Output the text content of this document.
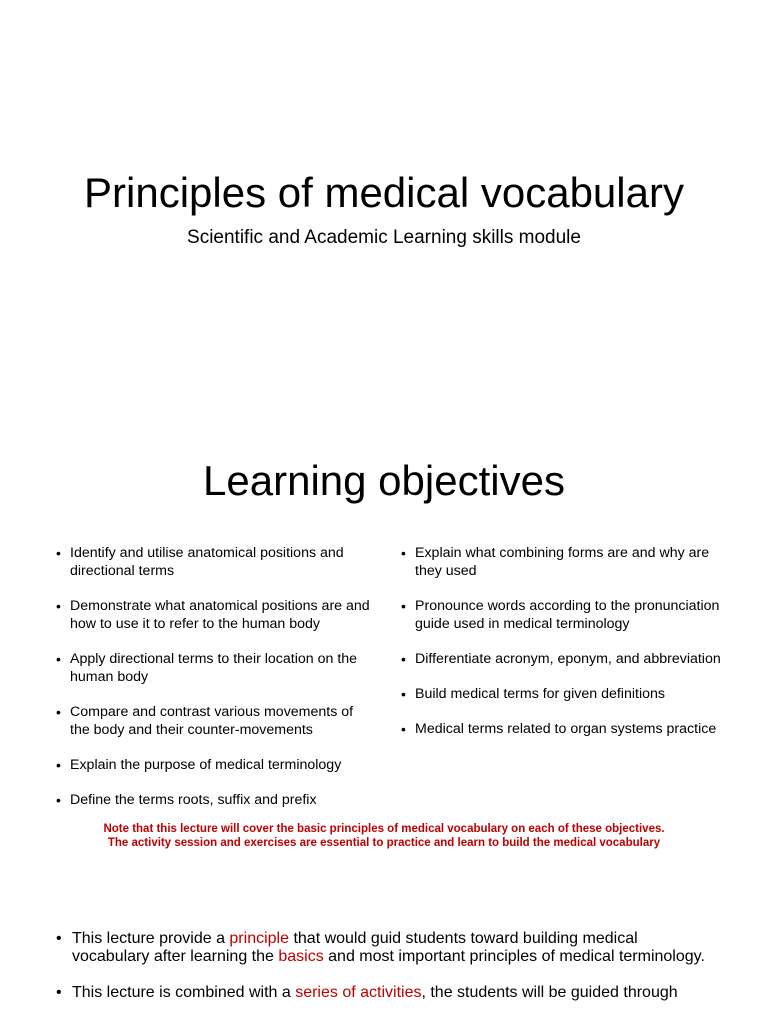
Principles of medical vocabulary
Scientific and Academic Learning skills module
Learning objectives
• Identify and utilise anatomical positions and directional terms
• Demonstrate what anatomical positions are and how to use it to refer to the human body
• Apply directional terms to their location on the human body
• Compare and contrast various movements of the body and their counter-movements
• Explain the purpose of medical terminology
• Define the terms roots, suffix and prefix
• Explain what combining forms are and why are they used
• Pronounce words according to the pronunciation guide used in medical terminology
• Differentiate acronym, eponym, and abbreviation
• Build medical terms for given definitions
• Medical terms related to organ systems practice
Note that this lecture will cover the basic principles of medical vocabulary on each of these objectives.
The activity session and exercises are essential to practice and learn to build the medical vocabulary
• This lecture provide a principle that would guid students toward building medical vocabulary after learning the basics and most important principles of medical terminology.
• This lecture is combined with a series of activities, the students will be guided through
